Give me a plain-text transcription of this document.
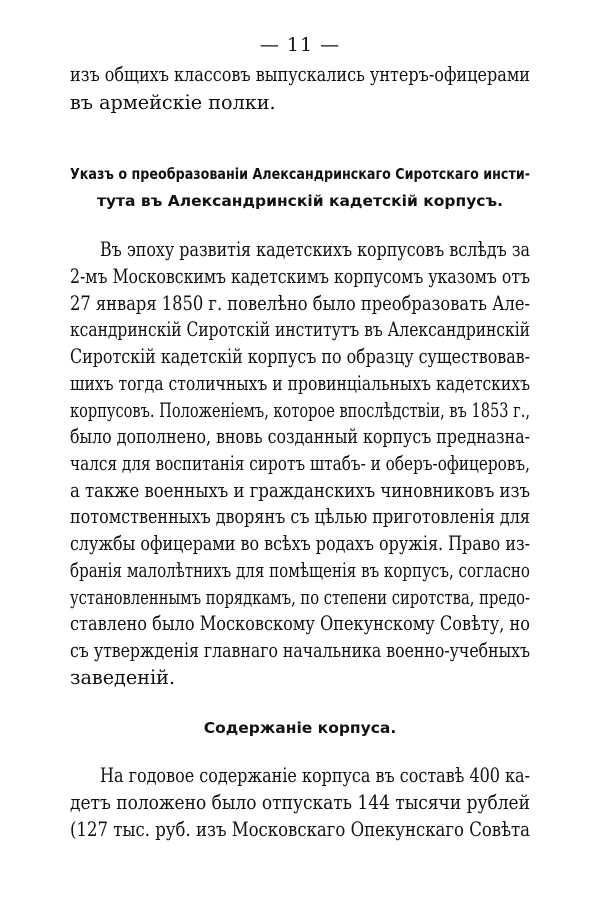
— 11 —
изъ общихъ классовъ выпускались унтеръ-офицерами
въ армейскіе полки.
Указъ о преобразованіи Александринскаго Сиротскаго инсти-
тута въ Александринскій кадетскій корпусъ.
Въ эпоху развитія кадетскихъ корпусовъ вслѣдъ за
2-мъ Московскимъ кадетскимъ корпусомъ указомъ отъ
27 января 1850 г. повелѣно было преобразовать Але-
ксандринскій Сиротскій институтъ въ Александринскій
Сиротскій кадетскій корпусъ по образцу существовав-
шихъ тогда столичныхъ и провинціальныхъ кадетскихъ
корпусовъ. Положеніемъ, которое впослѣдствіи, въ 1853 г.,
было дополнено, вновь созданный корпусъ предназна-
чался для воспитанія сиротъ штабъ- и оберъ-офицеровъ,
а также военныхъ и гражданскихъ чиновниковъ изъ
потомственныхъ дворянъ съ цѣлью приготовленія для
службы офицерами во всѣхъ родахъ оружія. Право из-
бранія малолѣтнихъ для помѣщенія въ корпусъ, согласно
установленнымъ порядкамъ, по степени сиротства, предо-
ставлено было Московскому Опекунскому Совѣту, но
съ утвержденія главнаго начальника военно-учебныхъ
заведеній.
Содержаніе корпуса.
На годовое содержаніе корпуса въ составѣ 400 ка-
детъ положено было отпускать 144 тысячи рублей
(127 тыс. руб. изъ Московскаго Опекунскаго Совѣта
